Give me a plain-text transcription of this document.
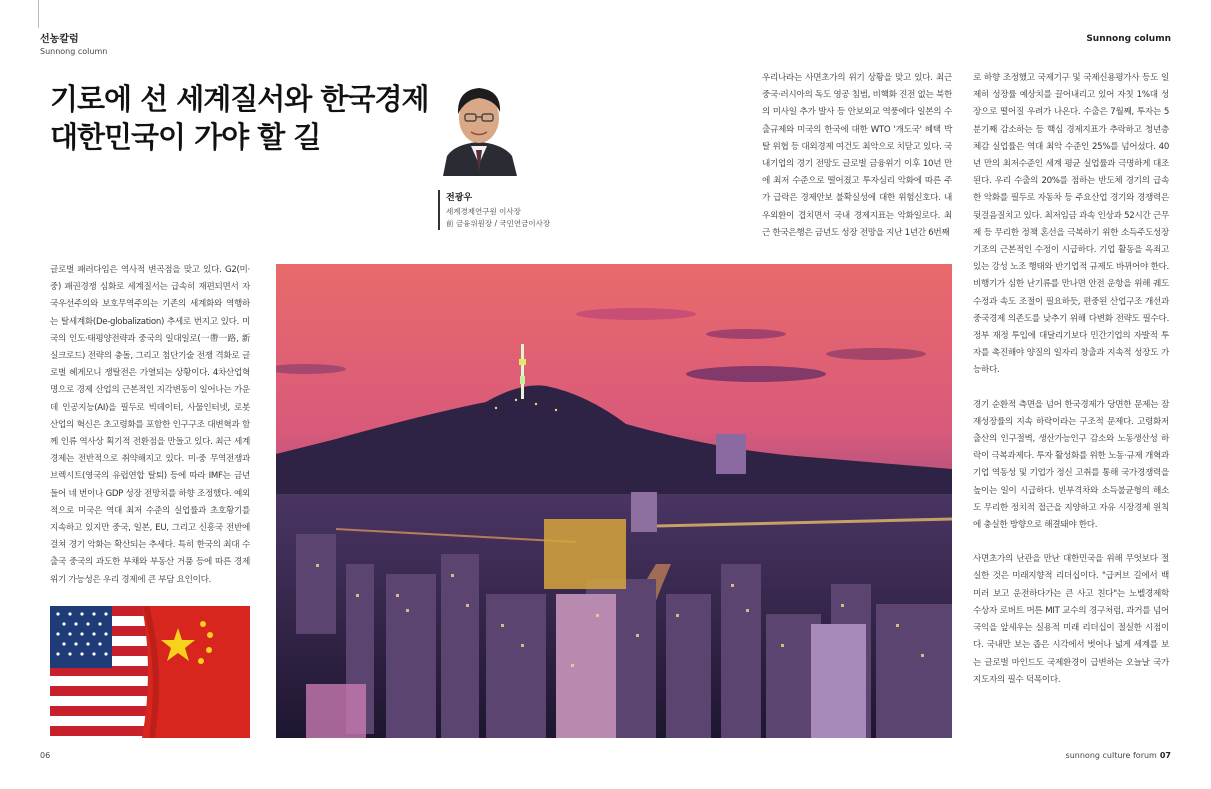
선농칼럼
Sunnong column
Sunnong column
기로에 선 세계질서와 한국경제
대한민국이 가야 할 길
전광우
세계경제연구원 이사장
前 금융위원장 / 국민연금이사장

글로벌 패러다임은 역사적 변곡점을 맞고 있다. G2(미·중) 패권경쟁 심화로 세계질서는 급속히 재편되면서 자국우선주의와 보호무역주의는 기존의 세계화와 역행하는 탈세계화(De-globalization) 추세로 번지고 있다. 미국의 인도·태평양전략과 중국의 일대일로(一帶一路, 新실크로드) 전략의 충돌, 그리고 첨단기술 전쟁 격화로 글로벌 헤게모니 쟁탈전은 가열되는 상황이다. 4차산업혁명으로 경제 산업의 근본적인 지각변동이 일어나는 가운데 인공지능(AI)을 필두로 빅데이터, 사물인터넷, 로봇 산업의 혁신은 초고령화를 포함한 인구구조 대변혁과 함께 인류 역사상 획기적 전환점을 만들고 있다. 최근 세계경제는 전반적으로 취약해지고 있다. 미·중 무역전쟁과 브렉시트(영국의 유럽연합 탈퇴) 등에 따라 IMF는 금년 들어 네 번이나 GDP 성장 전망치를 하향 조정했다. 예외적으로 미국은 역대 최저 수준의 실업률과 초호황기를 지속하고 있지만 중국, 일본, EU, 그리고 신흥국 전반에 걸쳐 경기 악화는 확산되는 추세다. 특히 한국의 최대 수출국 중국의 과도한 부채와 부동산 거품 등에 따른 경제위기 가능성은 우리 경제에 큰 부담 요인이다.

우리나라는 사면초가의 위기 상황을 맞고 있다. 최근 중국·러시아의 독도 영공 침범, 비핵화 진전 없는 북한의 미사일 추가 발사 등 안보외교 역풍에다 일본의 수출규제와 미국의 한국에 대한 WTO '개도국' 혜택 박탈 위협 등 대외경제 여건도 최악으로 치닫고 있다. 국내기업의 경기 전망도 글로벌 금융위기 이후 10년 만에 최저 수준으로 떨어졌고 투자심리 악화에 따른 주가 급락은 경제안보 불확실성에 대한 위험신호다. 내우외환이 겹치면서 국내 경제지표는 악화일로다. 최근 한국은행은 금년도 성장 전망을 지난 1년간 6번째

로 하향 조정했고 국제기구 및 국제신용평가사 등도 일제히 성장률 예상치를 끌어내리고 있어 자칫 1%대 성장으로 떨어질 우려가 나온다. 수출은 7월째, 투자는 5분기째 감소하는 등 핵심 경제지표가 추락하고 청년층 체감 실업률은 역대 최악 수준인 25%를 넘어섰다. 40년 만의 최저수준인 세계 평균 실업률과 극명하게 대조된다. 우리 수출의 20%를 점하는 반도체 경기의 급속한 악화를 필두로 자동차 등 주요산업 경기와 경쟁력은 뒷걸음질치고 있다. 최저임금 과속 인상과 52시간 근무제 등 무리한 정책 혼선을 극복하기 위한 소득주도성장 기조의 근본적인 수정이 시급하다. 기업 활동을 옥죄고 있는 강성 노조 행태와 반기업적 규제도 바뀌어야 한다. 비행기가 심한 난기류를 만나면 안전 운항을 위해 궤도 수정과 속도 조절이 필요하듯, 편중된 산업구조 개선과 중국경제 의존도를 낮추기 위해 다변화 전략도 필수다. 정부 재정 투입에 대달리기보다 민간기업의 자발적 투자를 촉진해야 양질의 일자리 창출과 지속적 성장도 가능하다.

경기 순환적 측면을 넘어 한국경제가 당면한 문제는 잠재성장률의 지속 하락이라는 구조적 문제다. 고령화저출산의 인구절벽, 생산가능인구 감소와 노동생산성 하락이 극복과제다. 투자 활성화를 위한 노동·규제 개혁과 기업 역동성 및 기업가 정신 고취를 통해 국가경쟁력을 높이는 일이 시급하다. 빈부격차와 소득불균형의 해소도 무리한 정치적 접근을 지양하고 자유 시장경제 원칙에 충실한 방향으로 해결돼야 한다.

사면초가의 난관을 만난 대한민국을 위해 무엇보다 절실한 것은 미래지향적 리더십이다. "급커브 길에서 백미러 보고 운전하다가는 큰 사고 친다"는 노벨경제학 수상자 로버트 머튼 MIT 교수의 경구처럼, 과거를 넘어 국익을 앞세우는 실용적 미래 리더십이 절실한 시점이다. 국내만 보는 좁은 시각에서 벗어나 넓게 세계를 보는 글로벌 마인드도 국제환경이 급변하는 오늘날 국가지도자의 필수 덕목이다.

06	sunnong culture forum 07
